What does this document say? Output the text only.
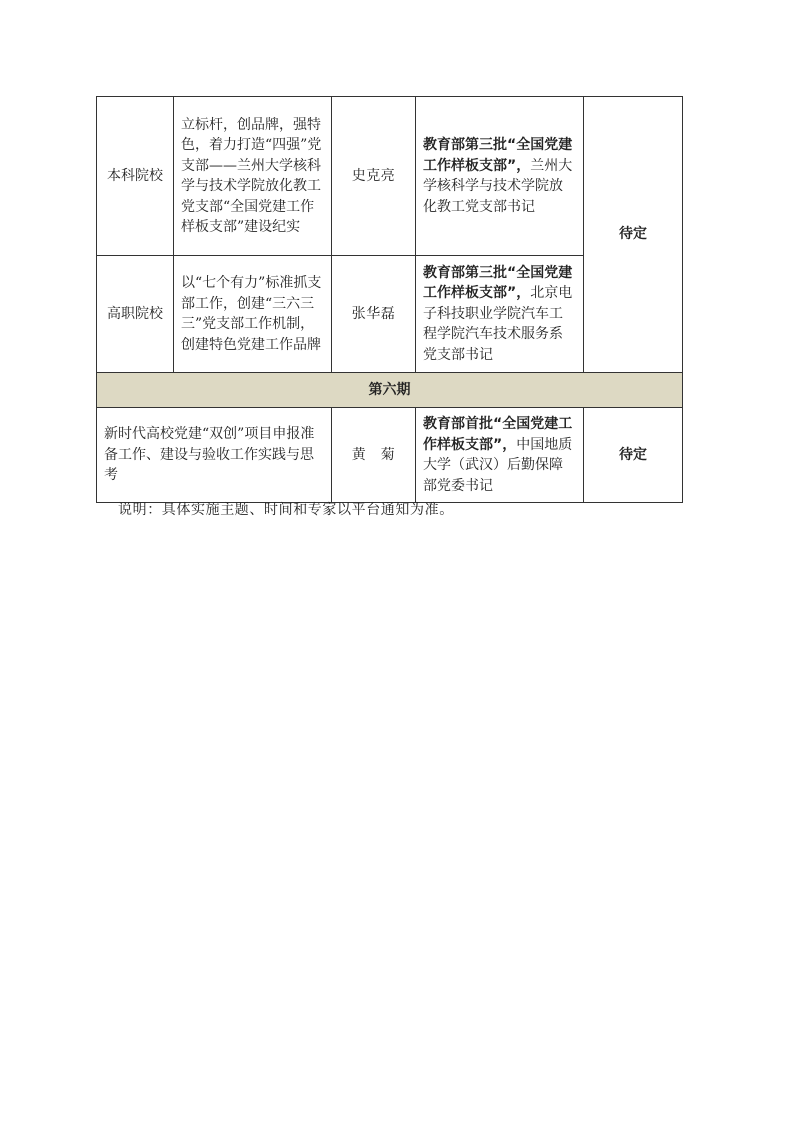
本科院校	立标杆，创品牌，强特色，着力打造“四强”党支部——兰州大学核科学与技术学院放化教工党支部“全国党建工作样板支部”建设纪实	史克亮	教育部第三批“全国党建工作样板支部”，兰州大学核科学与技术学院放化教工党支部书记	待定
高职院校	以“七个有力”标准抓支部工作，创建“三六三三”党支部工作机制，创建特色党建工作品牌	张华磊	教育部第三批“全国党建工作样板支部”，北京电子科技职业学院汽车工程学院汽车技术服务系党支部书记	
第六期				
新时代高校党建“双创”项目申报准备工作、建设与验收工作实践与思考		黄　菊	教育部首批“全国党建工作样板支部”，中国地质大学（武汉）后勤保障部党委书记	待定
说明：具体实施主题、时间和专家以平台通知为准。
